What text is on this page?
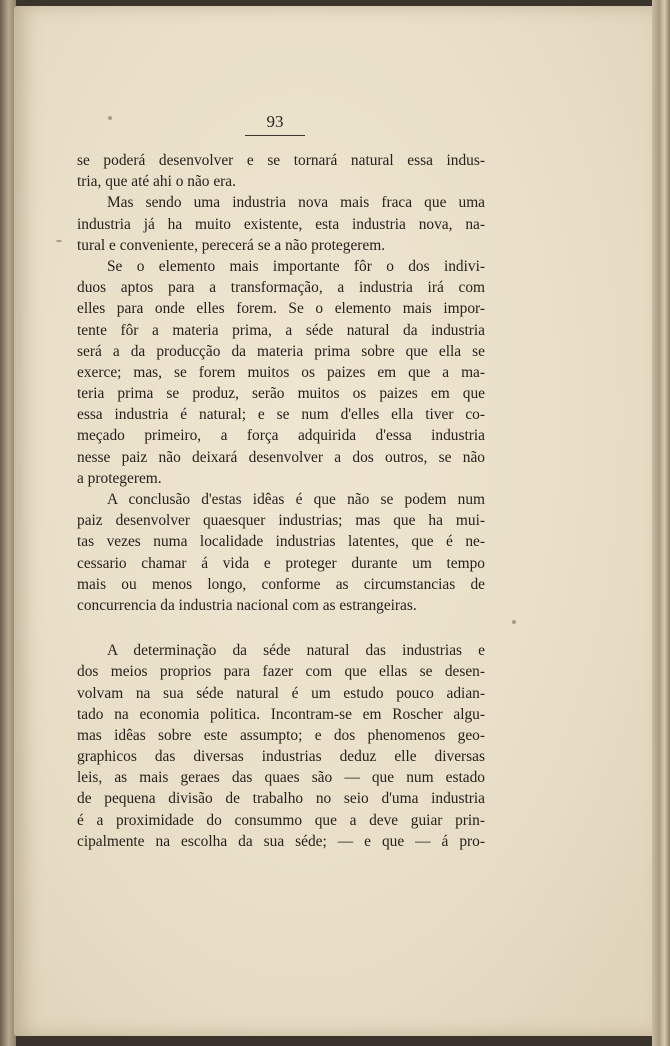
93

se poderá desenvolver e se tornará natural essa indus-
tria, que até ahi o não era.

Mas sendo uma industria nova mais fraca que uma
industria já ha muito existente, esta industria nova, na-
tural e conveniente, perecerá se a não protegerem.

Se o elemento mais importante fôr o dos indivi-
duos aptos para a transformação, a industria irá com
elles para onde elles forem. Se o elemento mais impor-
tente fôr a materia prima, a séde natural da industria
será a da producção da materia prima sobre que ella se
exerce; mas, se forem muitos os paizes em que a ma-
teria prima se produz, serão muitos os paizes em que
essa industria é natural; e se num d'elles ella tiver co-
meçado primeiro, a força adquirida d'essa industria
nesse paiz não deixará desenvolver a dos outros, se não
a protegerem.

A conclusão d'estas idêas é que não se podem num
paiz desenvolver quaesquer industrias; mas que ha mui-
tas vezes numa localidade industrias latentes, que é ne-
cessario chamar á vida e proteger durante um tempo
mais ou menos longo, conforme as circumstancias de
concurrencia da industria nacional com as estrangeiras.

A determinação da séde natural das industrias e
dos meios proprios para fazer com que ellas se desen-
volvam na sua séde natural é um estudo pouco adian-
tado na economia politica. Incontram-se em Roscher algu-
mas idêas sobre este assumpto; e dos phenomenos geo-
graphicos das diversas industrias deduz elle diversas
leis, as mais geraes das quaes são — que num estado
de pequena divisão de trabalho no seio d'uma industria
é a proximidade do consummo que a deve guiar prin-
cipalmente na escolha da sua séde; — e que — á pro-
